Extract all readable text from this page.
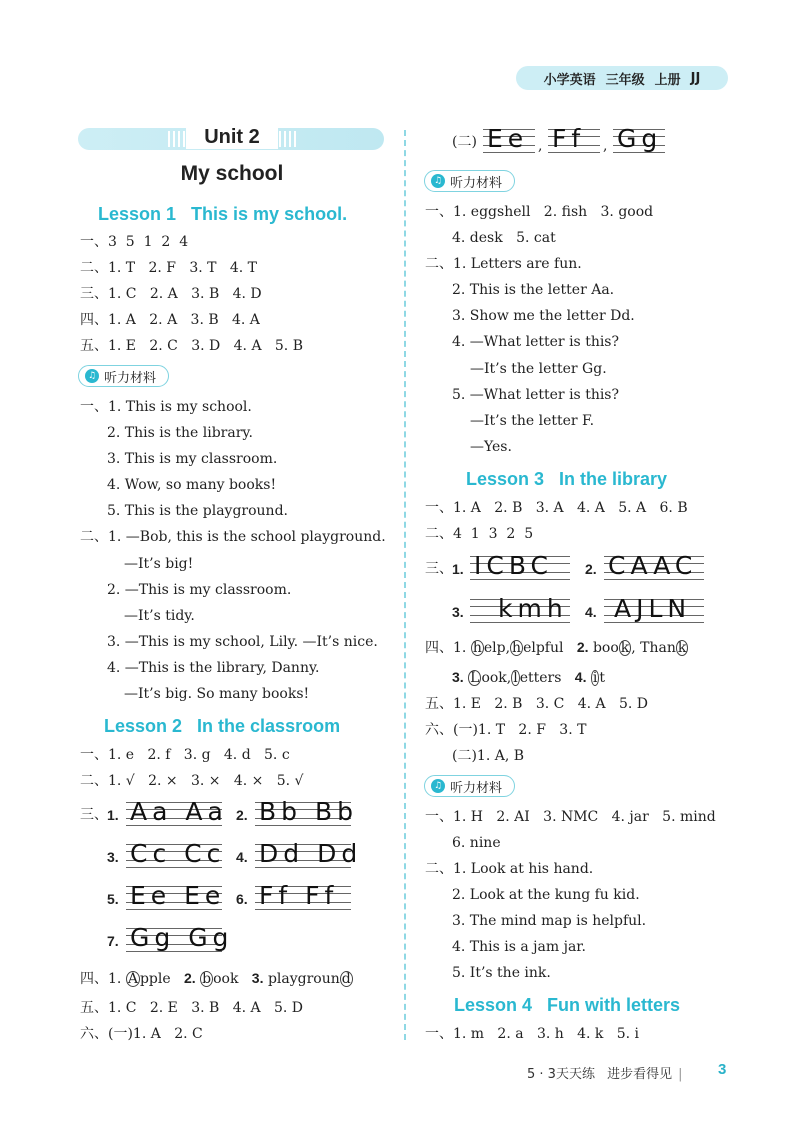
小学英语 三年级 上册 JJ
Unit 2
My school
Lesson 1   This is my school.
一、3  5  1  2  4
二、1. T   2. F   3. T   4. T
三、1. C   2. A   3. B   4. D
四、1. A   2. A   3. B   4. A
五、1. E   2. C   3. D   4. A   5. B
♫ 听力材料
一、1. This is my school.
2. This is the library.
3. This is my classroom.
4. Wow, so many books!
5. This is the playground.
二、1. —Bob, this is the school playground.
—It’s big!
2. —This is my classroom.
—It’s tidy.
3. —This is my school, Lily. —It’s nice.
4. —This is the library, Danny.
—It’s big. So many books!
Lesson 2   In the classroom
一、1. e   2. f   3. g   4. d   5. c
二、1. √   2. ×   3. ×   4. ×   5. √
三、 1. Aa Aa 2. Bb Bb
3. Cc Cc 4. Dd Dd
5. Ee Ee 6. Ff Ff
7. Gg Gg
四、1. A pple 2. b ook 3. playgroun d
五、1. C   2. E   3. B   4. A   5. D
六、(一)1. A   2. C
(二) Ee , Ff	, Gg
♫ 听力材料
一、1. eggshell   2. fish   3. good
4. desk   5. cat
二、1. Letters are fun.
2. This is the letter Aa.
3. Show me the letter Dd.
4. —What letter is this?
—It’s the letter Gg.
5. —What letter is this?
—It’s the letter F.
—Yes.
Lesson 3   In the library
一、1. A   2. B   3. A   4. A   5. A   6. B
二、4  1  3  2  5
三、 1. ICBC	2. CAAC
3. kmh 4. AJLN
四、1. h elp, h elpful 2. boo k , Than k
3. L ook, l etters 4. i t
五、1. E   2. B   3. C   4. A   5. D
六、(一)1. T   2. F   3. T
(二)1. A, B
♫ 听力材料
一、1. H   2. AI   3. NMC   4. jar   5. mind
6. nine
二、1. Look at his hand.
2. Look at the kung fu kid.
3. The mind map is helpful.
4. This is a jam jar.
5. It’s the ink.
Lesson 4   Fun with letters
一、1. m   2. a   3. h   4. k   5. i
5 · 3天天练 进步看得见 |	3
